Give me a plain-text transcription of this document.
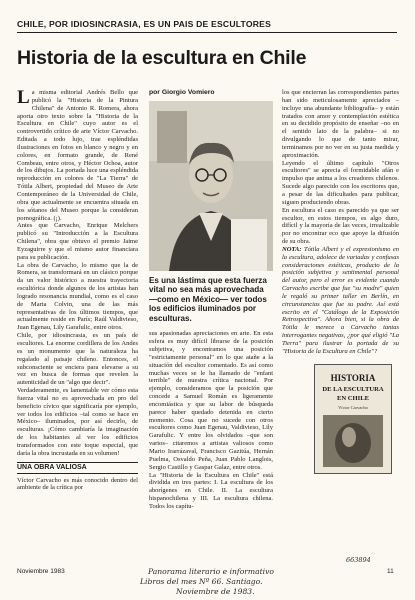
CHILE, POR IDIOSINCRASIA, ES UN PAIS DE ESCULTORES
Historia de la escultura en Chile

La misma editorial Andrés Bello que publicó la "Historia de la Pintura Chilena" de Antonio R. Romera, ahora aporta otro texto sobre la "Historia de la Escultura en Chile" cuyo autor es el controvertido crítico de arte Víctor Carvacho. Editada a todo lujo, trae espléndidas ilustraciones en fotos en blanco y negro y en colores, en formato grande, de René Combeau, entre otros, y Héctor Ochoa, autor de los dibujos. La portada luce una espléndida reproducción en colores de "La Tierra" de Tótila Albert, propiedad del Museo de Arte Contemporáneo de la Universidad de Chile, obra que actualmente se encuentra situada en los sótanos del Museo porque la consideran pornográfica. (¡).

Antes que Carvacho, Enrique Melchers publicó su "Introducción a la Escultura Chilena", obra que obtuvo el premio Jaime Eyzaguirre y que el mismo autor financiara para su publicación.

La obra de Carvacho, lo mismo que la de Romera, se transformará en un clásico porque da un valor histórico a nuestra trayectoria escultórica donde algunos de los artistas han logrado resonancia mundial, como es el caso de Marta Colvin, una de las más representativas de los últimos tiempos, que actualmente reside en París; Raúl Valdivieso, Juan Egenau, Lily Garafulic, entre otros.

Chile, por idiosincrasia, es un país de escultores. La enorme cordillera de los Andes es un monumento que la naturaleza ha regalado al paisaje chileno. Entonces, el subconsciente se enciera para elevarse a su vez en busca de formas que revelen la autenticidad de un "algo que decir".

Verdaderamente, es lamentable ver cómo esta fuerza vital no es aprovechada en pro del beneficio cívico que significaría por ejemplo, ver todos los edificios –tal como se hace en México– iluminados, por así decirlo, de esculturas. ¡Cómo cambiaría la imaginación de los habitantes al ver los edificios transformados con este toque especial, que daría la obra incrustada en su volumen!

UNA OBRA VALIOSA

Víctor Carvacho es más conocido dentro del ambiente de la crítica por

por Giorgio Vomiero

Es una lástima que esta fuerza vital no sea más aprovechada —como en México— ver todos los edificios iluminados por esculturas.

sus apasionadas apreciaciones en arte. En esta esfera es muy difícil librarse de la posición subjetiva, y encontramos una posición "estrictamente personal" en lo que atañe a la situación del escultor comentado. Es así como muchas veces se le ha llamado de "enfant terrible" de nuestra crítica nacional. Por ejemplo, consideramos que la posición que concede a Samuel Román es ligeramente encomiástica y que su labor de búsqueda parece haber quedado detenida en cierto momento. Cosa que no sucede con otros escultores como Juan Egenau, Valdivieso, Lily Garafulic. Y entre los olvidados –que son varios– citaremos a artistas valiosos como Mario Irarrázaval, Francisco Gazitúa, Hernán Puelma, Osvaldo Peña, Juan Pablo Langlois, Sergio Castillo y Gaspar Galaz, entre otros.

La "Historia de la Escultura en Chile" está dividida en tres partes: I. La escultura de los aborígenes en Chile. II. La escultura hispanochilena y III. La escultura chilena. Todos los capítu-

los que encierran las correspondientes partes han sido meticulosamente apreciados –incluye una abundante bibliografía– y están tratados con amor y contemplación estética en su decidido propósito de enseñar –no en el sentido lato de la palabra– si no divulgando lo que de tanto mirar, terminamos por no ver en su justa medida y aproximación.

Leyendo el último capítulo "Otros escultores" se aprecia el formidable afán e impulso que anima a los creadores chilenos. Sucede algo parecido con los escritores que, a pesar de las dificultades para publicar, siguen produciendo obras.

En escultura el caso es parecido ya que ser escultor, en estos tiempos, es algo duro, difícil y la mayoría de las veces, irrealizable por no encontrar eco que apoye la difusión de su obra.

NOTA: Tótila Albert y el expresionismo en la escultura, adolece de variadas y confusas consideraciones estéticas, producto de la posición subjetiva y sentimental personal del autor, pero el error es evidente cuando Carvacho escribe que fue "su madre" quien le regaló su primer taller en Berlín, en circunstancias que fue su padre. Así está escrito en el "Catálogo de la Exposición Retrospectiva". Ahora bien, si la obra de Tótila le merece a Carvacho tantas interrogantes negativas, ¿por qué eligió "La Tierra" para ilustrar la portada de su "Historia de la Escultura en Chile"?

HISTORIA
DE LA ESCULTURA
EN CHILE
Víctor Carvacho
Noviembre 1983	11
Panorama literario e informativo
Libros del mes Nº 66. Santiago.
Noviembre de 1983.
663894
